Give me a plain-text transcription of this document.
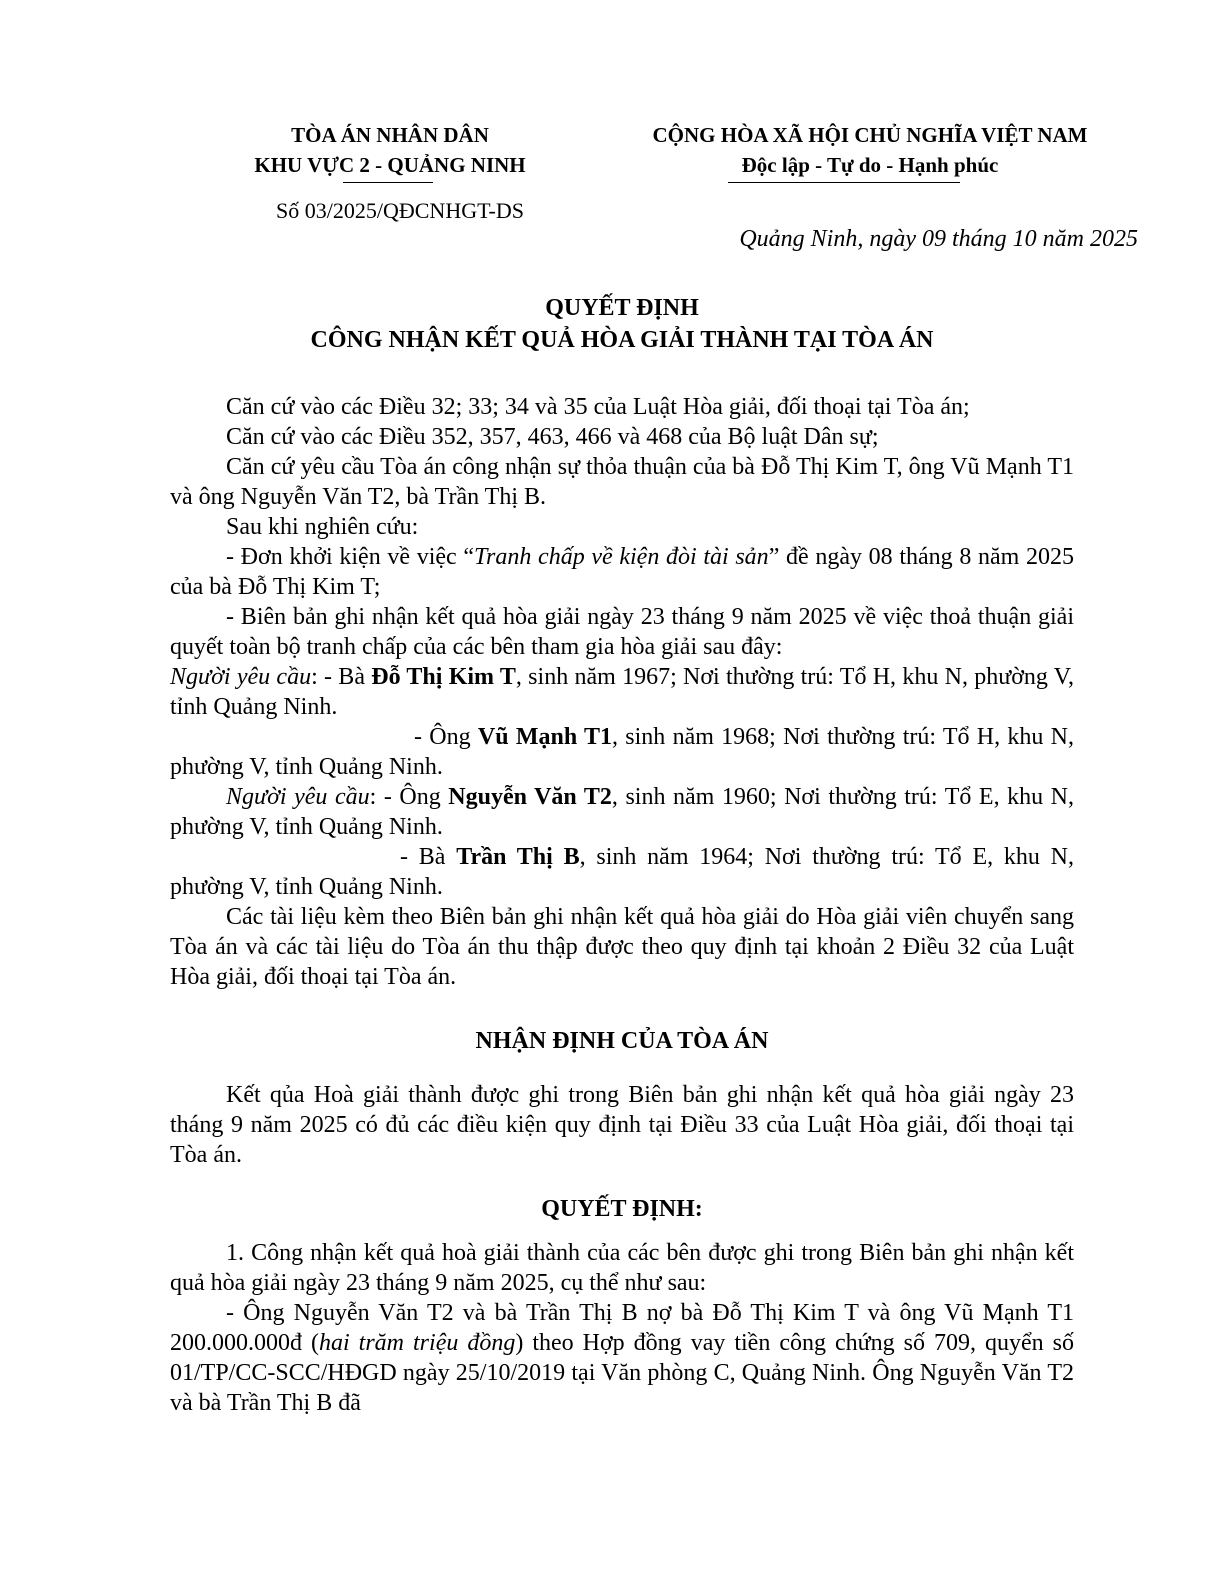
TÒA ÁN NHÂN DÂN
KHU VỰC 2 - QUẢNG NINH
CỘNG HÒA XÃ HỘI CHỦ NGHĨA VIỆT NAM
Độc lập - Tự do - Hạnh phúc
Số 03/2025/QĐCNHGT-DS
Quảng Ninh, ngày 09 tháng 10 năm 2025
QUYẾT ĐỊNH
CÔNG NHẬN KẾT QUẢ HÒA GIẢI THÀNH TẠI TÒA ÁN

Căn cứ vào các Điều 32; 33; 34 và 35 của Luật Hòa giải, đối thoại tại Tòa án;

Căn cứ vào các Điều 352, 357, 463, 466 và 468 của Bộ luật Dân sự;

Căn cứ yêu cầu Tòa án công nhận sự thỏa thuận của bà Đỗ Thị Kim T, ông Vũ Mạnh T1 và ông Nguyễn Văn T2, bà Trần Thị B.

Sau khi nghiên cứu:

- Đơn khởi kiện về việc “Tranh chấp về kiện đòi tài sản” đề ngày 08 tháng 8 năm 2025 của bà Đỗ Thị Kim T;

- Biên bản ghi nhận kết quả hòa giải ngày 23 tháng 9 năm 2025 về việc thoả thuận giải quyết toàn bộ tranh chấp của các bên tham gia hòa giải sau đây:

Người yêu cầu: - Bà Đỗ Thị Kim T, sinh năm 1967; Nơi thường trú: Tổ H, khu N, phường V, tỉnh Quảng Ninh.

- Ông Vũ Mạnh T1, sinh năm 1968; Nơi thường trú: Tổ H, khu N, phường V, tỉnh Quảng Ninh.

Người yêu cầu: - Ông Nguyễn Văn T2, sinh năm 1960; Nơi thường trú: Tổ E, khu N, phường V, tỉnh Quảng Ninh.

- Bà Trần Thị B, sinh năm 1964; Nơi thường trú: Tổ E, khu N, phường V, tỉnh Quảng Ninh.

Các tài liệu kèm theo Biên bản ghi nhận kết quả hòa giải do Hòa giải viên chuyển sang Tòa án và các tài liệu do Tòa án thu thập được theo quy định tại khoản 2 Điều 32 của Luật Hòa giải, đối thoại tại Tòa án.

NHẬN ĐỊNH CỦA TÒA ÁN

Kết qủa Hoà giải thành được ghi trong Biên bản ghi nhận kết quả hòa giải ngày 23 tháng 9 năm 2025 có đủ các điều kiện quy định tại Điều 33 của Luật Hòa giải, đối thoại tại Tòa án.

QUYẾT ĐỊNH:

1. Công nhận kết quả hoà giải thành của các bên được ghi trong Biên bản ghi nhận kết quả hòa giải ngày 23 tháng 9 năm 2025, cụ thể như sau:

- Ông Nguyễn Văn T2 và bà Trần Thị B nợ bà Đỗ Thị Kim T và ông Vũ Mạnh T1 200.000.000đ (hai trăm triệu đồng) theo Hợp đồng vay tiền công chứng số 709, quyển số 01/TP/CC-SCC/HĐGD ngày 25/10/2019 tại Văn phòng C, Quảng Ninh. Ông Nguyễn Văn T2 và bà Trần Thị B đã
